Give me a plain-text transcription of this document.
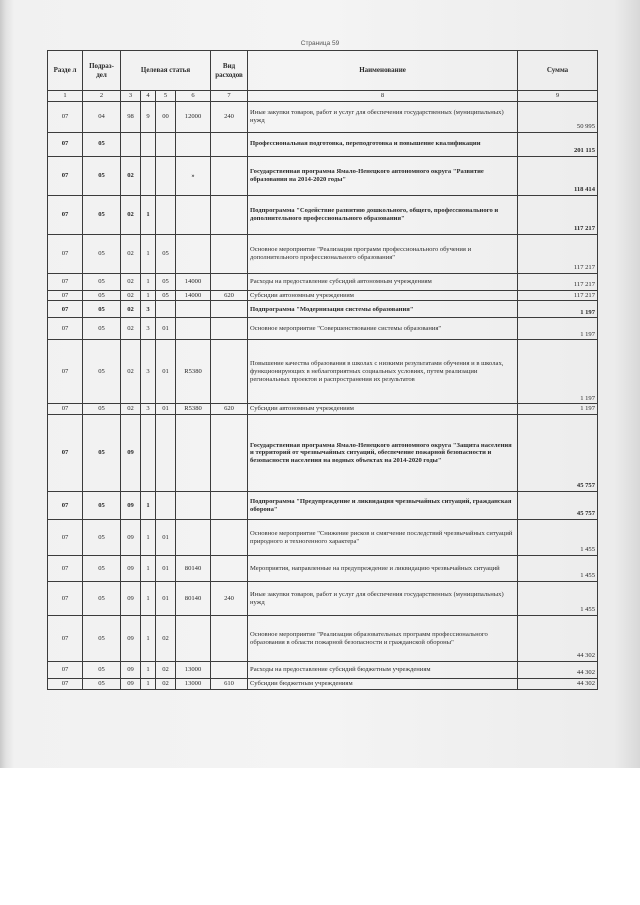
Страница 59
Разде л	Подраз- дел	Целевая статья				Вид расходов	Наименование	Сумма
1	2	3	4	5	6	7	8	9
07	04	98	9	00	12000	240	Иные закупки товаров, работ и услуг для обеспечения государственных (муниципальных) нужд	50 995
07	05						Профессиональная подготовка, переподготовка и повышение квалификации	201 115
07	05	02			»		Государственная программа Ямало-Ненецкого автономного округа "Развитие образования на 2014-2020 годы"	118 414
07	05	02	1				Подпрограмма "Содействие развитию дошкольного, общего, профессионального и дополнительного профессионального образования"	117 217
07	05	02	1	05			Основное мероприятие "Реализация программ профессионального обучения и дополнительного профессионального образования"	117 217
07	05	02	1	05	14000		Расходы на предоставление субсидий автономным учреждениям	117 217
07	05	02	1	05	14000	620	Субсидии автономным учреждениям	117 217
07	05	02	3				Подпрограмма "Модернизация системы образования"	1 197
07	05	02	3	01			Основное мероприятие "Совершенствование системы образования"	1 197
07	05	02	3	01	R5380		Повышение качества образования в школах с низкими результатами обучения и в школах, функционирующих в неблагоприятных социальных условиях, путем реализации региональных проектов и распространения их результатов	1 197
07	05	02	3	01	R5380	620	Субсидии автономным учреждениям	1 197
07	05	09					Государственная программа Ямало-Ненецкого автономного округа "Защита населения и территорий от чрезвычайных ситуаций, обеспечение пожарной безопасности и безопасности населения на водных объектах на 2014-2020 годы"	45 757
07	05	09	1				Подпрограмма "Предупреждение и ликвидация чрезвычайных ситуаций, гражданская оборона"	45 757
07	05	09	1	01			Основное мероприятие "Снижение рисков и смягчение последствий чрезвычайных ситуаций природного и техногенного характера"	1 455
07	05	09	1	01	80140		Мероприятия, направленные на предупреждение и ликвидацию чрезвычайных ситуаций	1 455
07	05	09	1	01	80140	240	Иные закупки товаров, работ и услуг для обеспечения государственных (муниципальных) нужд	1 455
07	05	09	1	02			Основное мероприятие "Реализация образовательных программ профессионального образования в области пожарной безопасности и гражданской обороны"	44 302
07	05	09	1	02	13000		Расходы на предоставление субсидий бюджетным учреждениям	44 302
07	05	09	1	02	13000	610	Субсидии бюджетным учреждениям	44 302
